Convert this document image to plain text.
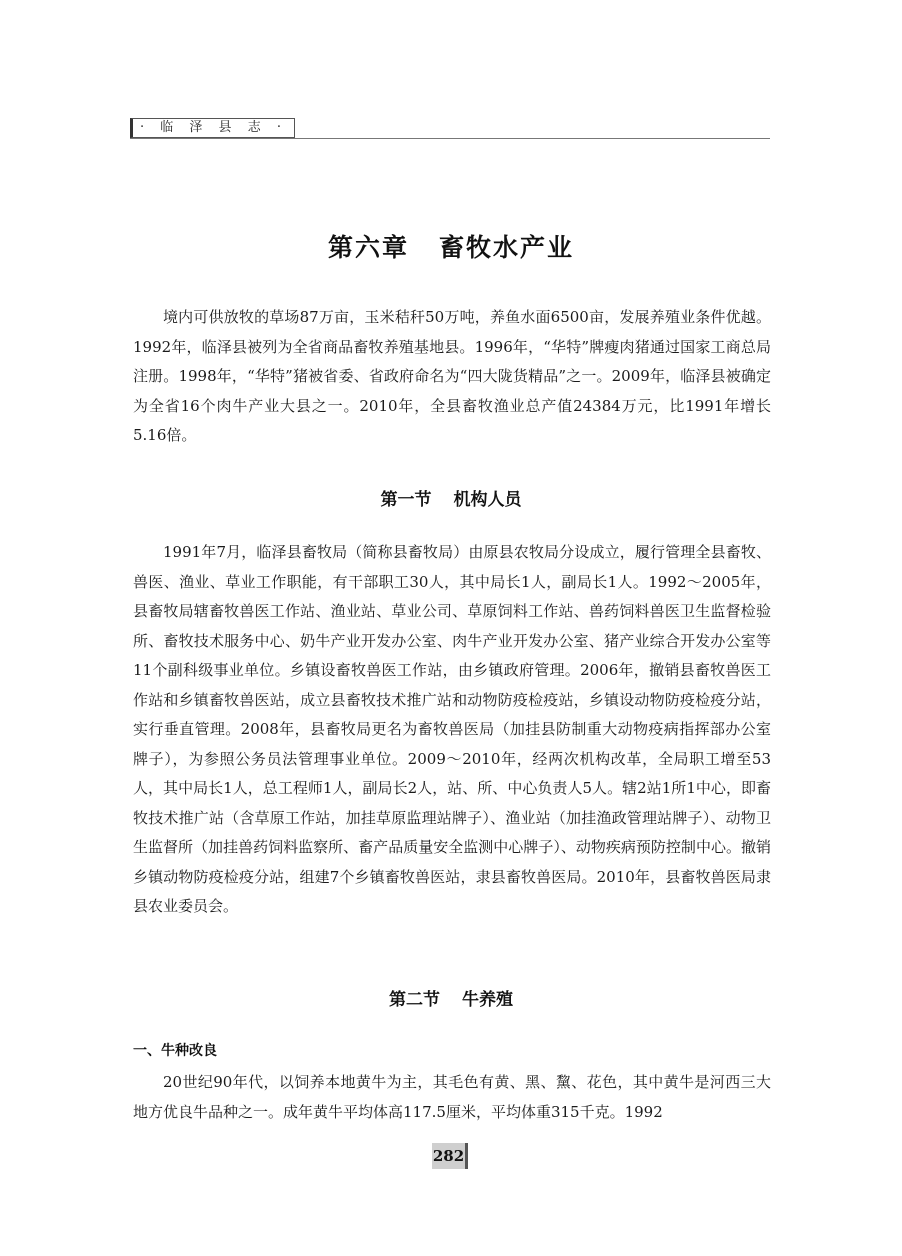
· 临 泽 县 志 ·
第六章 畜牧水产业

境内可供放牧的草场87万亩，玉米秸秆50万吨，养鱼水面6500亩，发展养殖业条件优越。1992年，临泽县被列为全省商品畜牧养殖基地县。1996年，“华特”牌瘦肉猪通过国家工商总局注册。1998年，“华特”猪被省委、省政府命名为“四大陇货精品”之一。2009年，临泽县被确定为全省16个肉牛产业大县之一。2010年，全县畜牧渔业总产值24384万元，比1991年增长5.16倍。

第一节 机构人员

1991年7月，临泽县畜牧局（简称县畜牧局）由原县农牧局分设成立，履行管理全县畜牧、兽医、渔业、草业工作职能，有干部职工30人，其中局长1人，副局长1人。1992～2005年，县畜牧局辖畜牧兽医工作站、渔业站、草业公司、草原饲料工作站、兽药饲料兽医卫生监督检验所、畜牧技术服务中心、奶牛产业开发办公室、肉牛产业开发办公室、猪产业综合开发办公室等11个副科级事业单位。乡镇设畜牧兽医工作站，由乡镇政府管理。2006年，撤销县畜牧兽医工作站和乡镇畜牧兽医站，成立县畜牧技术推广站和动物防疫检疫站，乡镇设动物防疫检疫分站，实行垂直管理。2008年，县畜牧局更名为畜牧兽医局（加挂县防制重大动物疫病指挥部办公室牌子），为参照公务员法管理事业单位。2009～2010年，经两次机构改革，全局职工增至53人，其中局长1人，总工程师1人，副局长2人，站、所、中心负责人5人。辖2站1所1中心，即畜牧技术推广站（含草原工作站，加挂草原监理站牌子）、渔业站（加挂渔政管理站牌子）、动物卫生监督所（加挂兽药饲料监察所、畜产品质量安全监测中心牌子）、动物疾病预防控制中心。撤销乡镇动物防疫检疫分站，组建7个乡镇畜牧兽医站，隶县畜牧兽医局。2010年，县畜牧兽医局隶县农业委员会。

第二节 牛养殖
一、牛种改良

20世纪90年代，以饲养本地黄牛为主，其毛色有黄、黑、黧、花色，其中黄牛是河西三大地方优良牛品种之一。成年黄牛平均体高117.5厘米，平均体重315千克。1992

282
